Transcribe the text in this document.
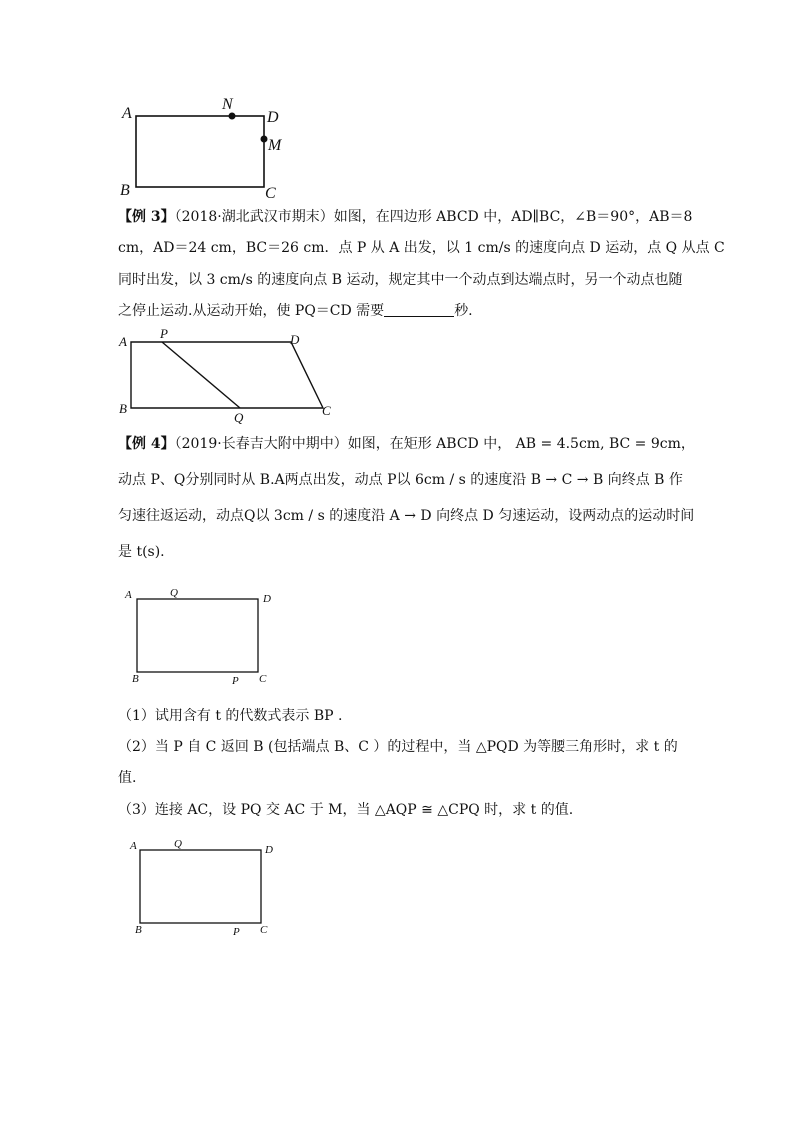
A
N
D
M
B	C
【例 3】（2018·湖北武汉市期末）如图，在四边形 ABCD 中，AD∥BC，∠B＝90°，AB＝8
cm，AD＝24 cm，BC＝26 cm．点 P 从 A 出发，以 1 cm/s 的速度向点 D 运动，点 Q 从点 C
同时出发，以 3 cm/s 的速度向点 B 运动，规定其中一个动点到达端点时，另一个动点也随
之停止运动.从运动开始，使 PQ＝CD 需要	秒.
A
P	D
B
Q	C
【例 4】（2019·长春吉大附中期中）如图，在矩形 ABCD 中， AB = 4.5cm, BC = 9cm，
动点 P、Q分别同时从 B.A两点出发，动点 P以 6cm / s 的速度沿 B → C → B 向终点 B 作
匀速往返运动，动点Q以 3cm / s 的速度沿 A → D 向终点 D 匀速运动，设两动点的运动时间
是 t(s).
A	Q	D
B	P C
（1）试用含有 t 的代数式表示 BP .
（2）当 P 自 C 返回 B (包括端点 B、C ）的过程中，当 △PQD 为等腰三角形时，求 t 的
值.
（3）连接 AC，设 PQ 交 AC 于 M，当 △AQP ≅ △CPQ 时，求 t 的值.
A	Q	D
B	P C
